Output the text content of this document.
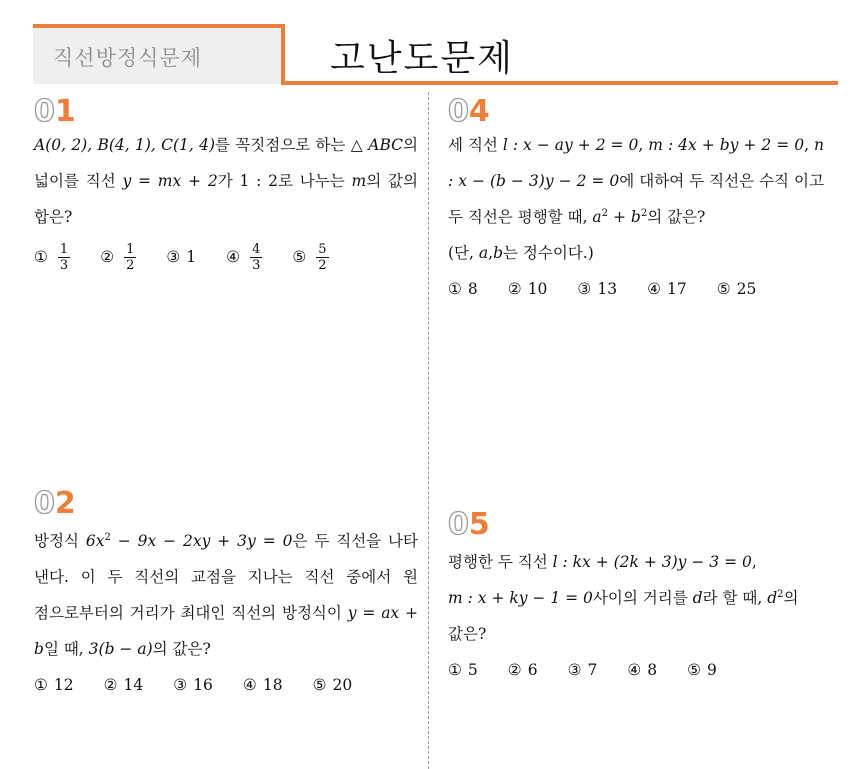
직선방정식문제	고난도문제
01
A(0, 2), B(4, 1), C(1, 4)를 꼭짓점으로 하는 △ ABC의 넓이를 직선 y = mx + 2가 1 : 2로 나누는 m의 값의 합은?
① $\frac{1}{3}$ ② $\frac{1}{2}$ ③ 1 ④ $\frac{4}{3}$ ⑤ $\frac{5}{2}$
02
방정식 $6x^2 - 9x - 2xy + 3y = 0$은 두 직선을 나타 낸다. 이 두 직선의 교점을 지나는 직선 중에서 원 점으로부터의 거리가 최대인 직선의 방정식이 y = ax + b일 때, 3(b − a)의 값은?
① 12 ② 14 ③ 16 ④ 18 ⑤ 20
04
세 직선 l : x − ay + 2 = 0, m : 4x + by + 2 = 0, n : x − (b − 3)y − 2 = 0에 대하여 두 직선은 수직 이고 두 직선은 평행할 때, $a^2 + b^2$의 값은?
(단, a,b는 정수이다.)
① 8 ② 10 ③ 13 ④ 17 ⑤ 25
05
평행한 두 직선 l : kx + (2k + 3)y − 3 = 0,
m : x + ky − 1 = 0사이의 거리를 d라 할 때, $d^2$의
값은?
① 5 ② 6 ③ 7 ④ 8 ⑤ 9
